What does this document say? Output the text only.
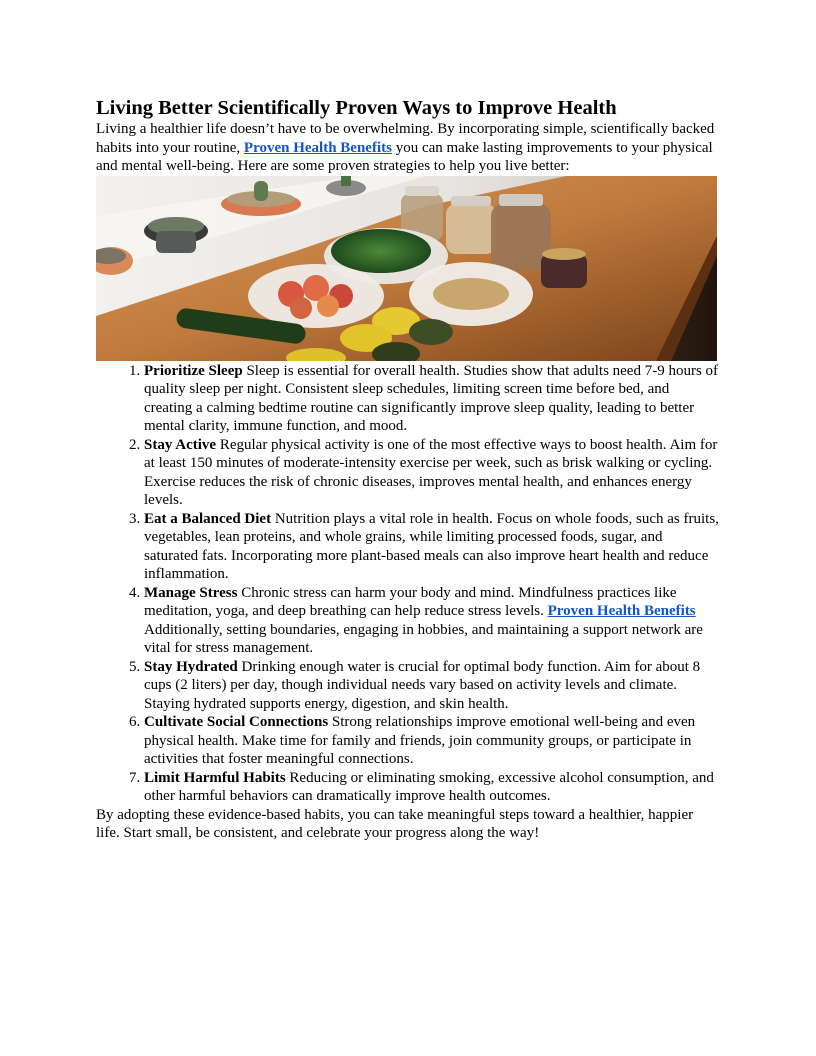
Living Better Scientifically Proven Ways to Improve Health

Living a healthier life doesn’t have to be overwhelming. By incorporating simple, scientifically backed habits into your routine, Proven Health Benefits you can make lasting improvements to your physical and mental well-being. Here are some proven strategies to help you live better:

1. Prioritize Sleep Sleep is essential for overall health. Studies show that adults need 7-9 hours of quality sleep per night. Consistent sleep schedules, limiting screen time before bed, and creating a calming bedtime routine can significantly improve sleep quality, leading to better mental clarity, immune function, and mood.
2. Stay Active Regular physical activity is one of the most effective ways to boost health. Aim for at least 150 minutes of moderate-intensity exercise per week, such as brisk walking or cycling. Exercise reduces the risk of chronic diseases, improves mental health, and enhances energy levels.
3. Eat a Balanced Diet Nutrition plays a vital role in health. Focus on whole foods, such as fruits, vegetables, lean proteins, and whole grains, while limiting processed foods, sugar, and saturated fats. Incorporating more plant-based meals can also improve heart health and reduce inflammation.
4. Manage Stress Chronic stress can harm your body and mind. Mindfulness practices like meditation, yoga, and deep breathing can help reduce stress levels. Proven Health Benefits Additionally, setting boundaries, engaging in hobbies, and maintaining a support network are vital for stress management.
5. Stay Hydrated Drinking enough water is crucial for optimal body function. Aim for about 8 cups (2 liters) per day, though individual needs vary based on activity levels and climate. Staying hydrated supports energy, digestion, and skin health.
6. Cultivate Social Connections Strong relationships improve emotional well-being and even physical health. Make time for family and friends, join community groups, or participate in activities that foster meaningful connections.
7. Limit Harmful Habits Reducing or eliminating smoking, excessive alcohol consumption, and other harmful behaviors can dramatically improve health outcomes.

By adopting these evidence-based habits, you can take meaningful steps toward a healthier, happier life. Start small, be consistent, and celebrate your progress along the way!
